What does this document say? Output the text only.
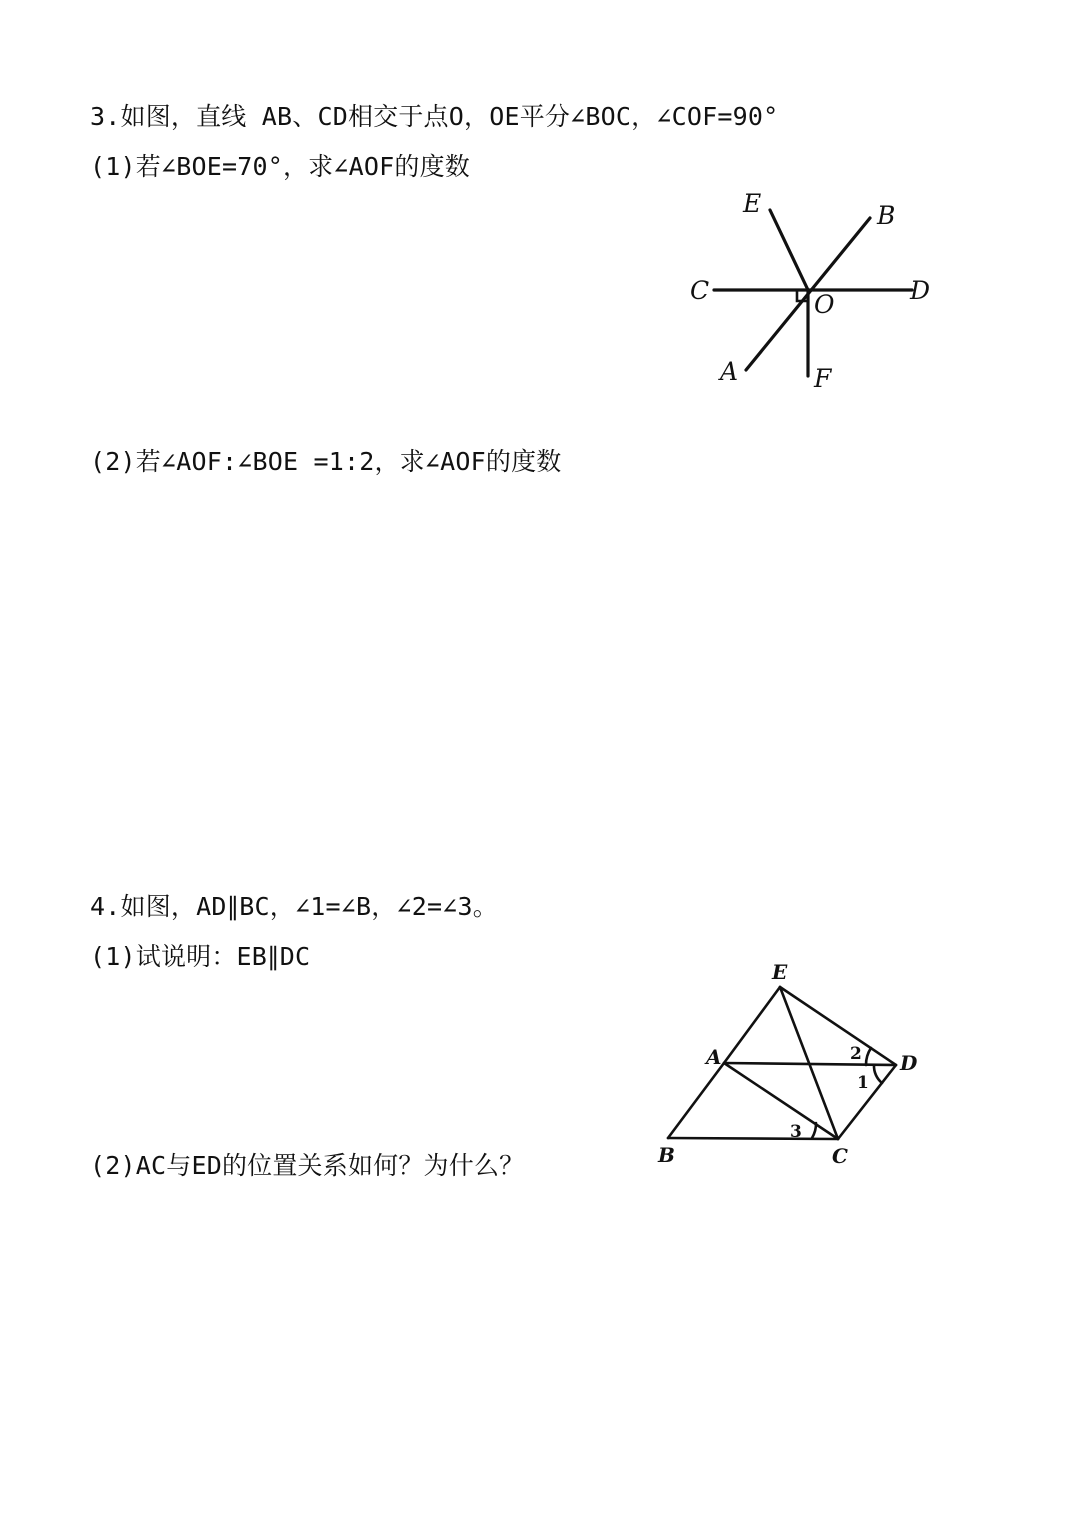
3.如图，直线 AB、CD相交于点O，OE平分∠BOC，∠COF=90°
(1)若∠BOE=70°，求∠AOF的度数
E	B
C	O	D
A	F
(2)若∠AOF:∠BOE =1:2，求∠AOF的度数
4.如图，AD∥BC，∠1=∠B，∠2=∠3。
(1)试说明：EB∥DC
E
A	D
B	C
2
1
3
(2)AC与ED的位置关系如何？为什么？
